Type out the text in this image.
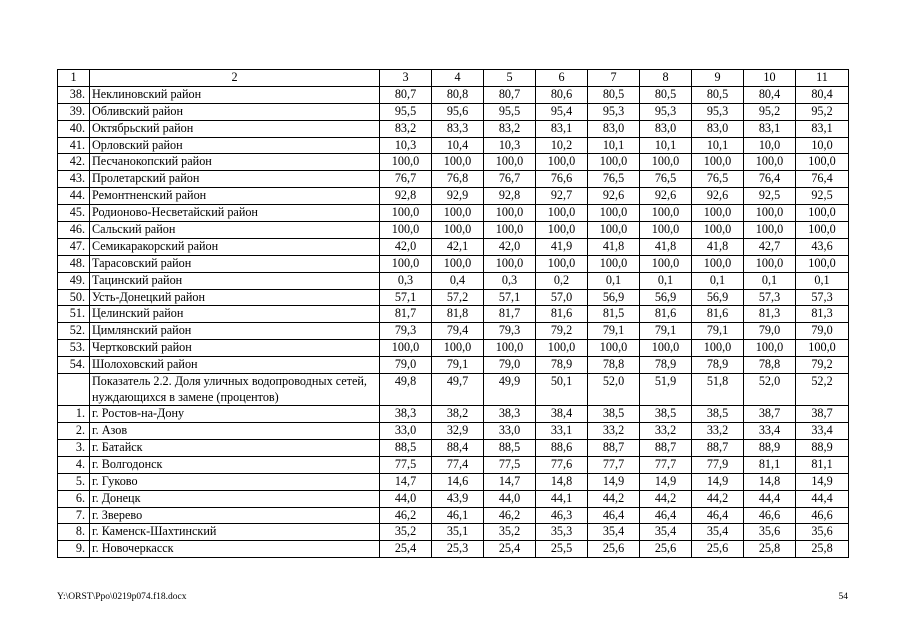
1	2	3	4	5	6	7	8	9	10	11
38.	Неклиновский район	80,7	80,8	80,7	80,6	80,5	80,5	80,5	80,4	80,4
39.	Обливский район	95,5	95,6	95,5	95,4	95,3	95,3	95,3	95,2	95,2
40.	Октябрьский район	83,2	83,3	83,2	83,1	83,0	83,0	83,0	83,1	83,1
41.	Орловский район	10,3	10,4	10,3	10,2	10,1	10,1	10,1	10,0	10,0
42.	Песчанокопский район	100,0	100,0	100,0	100,0	100,0	100,0	100,0	100,0	100,0
43.	Пролетарский район	76,7	76,8	76,7	76,6	76,5	76,5	76,5	76,4	76,4
44.	Ремонтненский район	92,8	92,9	92,8	92,7	92,6	92,6	92,6	92,5	92,5
45.	Родионово-Несветайский район	100,0	100,0	100,0	100,0	100,0	100,0	100,0	100,0	100,0
46.	Сальский район	100,0	100,0	100,0	100,0	100,0	100,0	100,0	100,0	100,0
47.	Семикаракорский район	42,0	42,1	42,0	41,9	41,8	41,8	41,8	42,7	43,6
48.	Тарасовский район	100,0	100,0	100,0	100,0	100,0	100,0	100,0	100,0	100,0
49.	Тацинский район	0,3	0,4	0,3	0,2	0,1	0,1	0,1	0,1	0,1
50.	Усть-Донецкий район	57,1	57,2	57,1	57,0	56,9	56,9	56,9	57,3	57,3
51.	Целинский район	81,7	81,8	81,7	81,6	81,5	81,6	81,6	81,3	81,3
52.	Цимлянский район	79,3	79,4	79,3	79,2	79,1	79,1	79,1	79,0	79,0
53.	Чертковский район	100,0	100,0	100,0	100,0	100,0	100,0	100,0	100,0	100,0
54.	Шолоховский район	79,0	79,1	79,0	78,9	78,8	78,9	78,9	78,8	79,2
	Показатель 2.2. Доля уличных водопроводных сетей, нуждающихся в замене (процентов)	49,8	49,7	49,9	50,1	52,0	51,9	51,8	52,0	52,2
1.	г. Ростов-на-Дону	38,3	38,2	38,3	38,4	38,5	38,5	38,5	38,7	38,7
2.	г. Азов	33,0	32,9	33,0	33,1	33,2	33,2	33,2	33,4	33,4
3.	г. Батайск	88,5	88,4	88,5	88,6	88,7	88,7	88,7	88,9	88,9
4.	г. Волгодонск	77,5	77,4	77,5	77,6	77,7	77,7	77,9	81,1	81,1
5.	г. Гуково	14,7	14,6	14,7	14,8	14,9	14,9	14,9	14,8	14,9
6.	г. Донецк	44,0	43,9	44,0	44,1	44,2	44,2	44,2	44,4	44,4
7.	г. Зверево	46,2	46,1	46,2	46,3	46,4	46,4	46,4	46,6	46,6
8.	г. Каменск-Шахтинский	35,2	35,1	35,2	35,3	35,4	35,4	35,4	35,6	35,6
9.	г. Новочеркасск	25,4	25,3	25,4	25,5	25,6	25,6	25,6	25,8	25,8
Y:\ORST\Ppo\0219p074.f18.docx	54
